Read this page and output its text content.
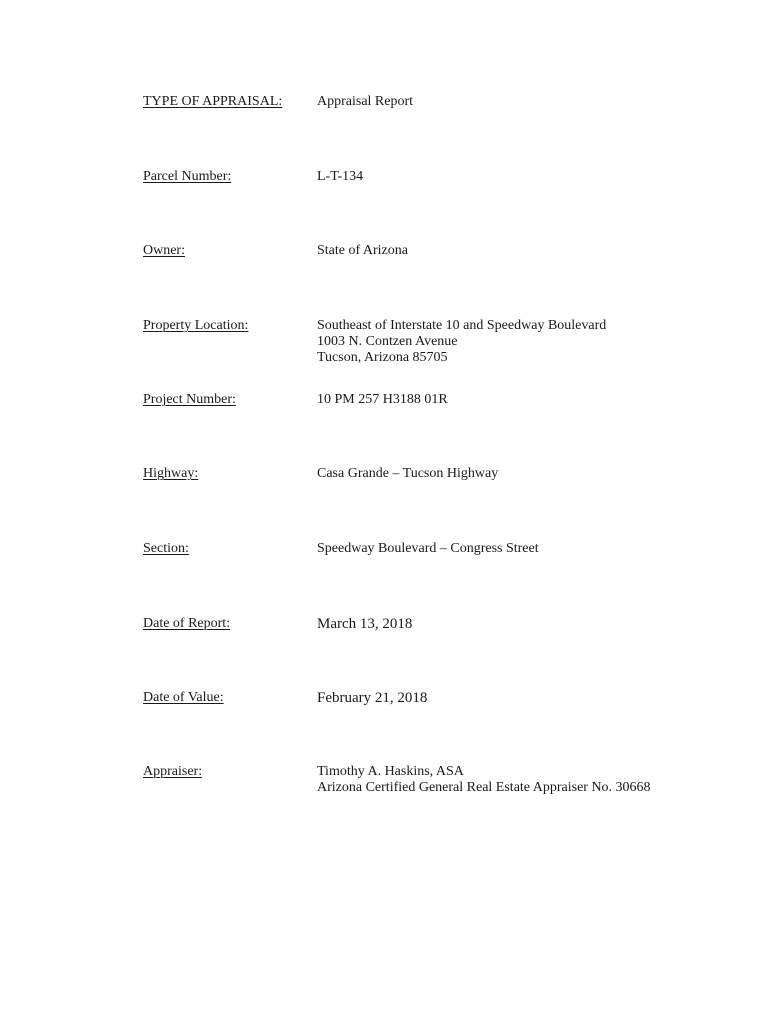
TYPE OF APPRAISAL: Appraisal Report
Parcel Number:	L-T-134
Owner:	State of Arizona
Property Location:	Southeast of Interstate 10 and Speedway Boulevard
1003 N. Contzen Avenue
Tucson, Arizona 85705
Project Number:	10 PM 257 H3188 01R
Highway:	Casa Grande – Tucson Highway
Section:	Speedway Boulevard – Congress Street
Date of Report:	March 13, 2018
Date of Value:	February 21, 2018
Appraiser:	Timothy A. Haskins, ASA
Arizona Certified General Real Estate Appraiser No. 30668
